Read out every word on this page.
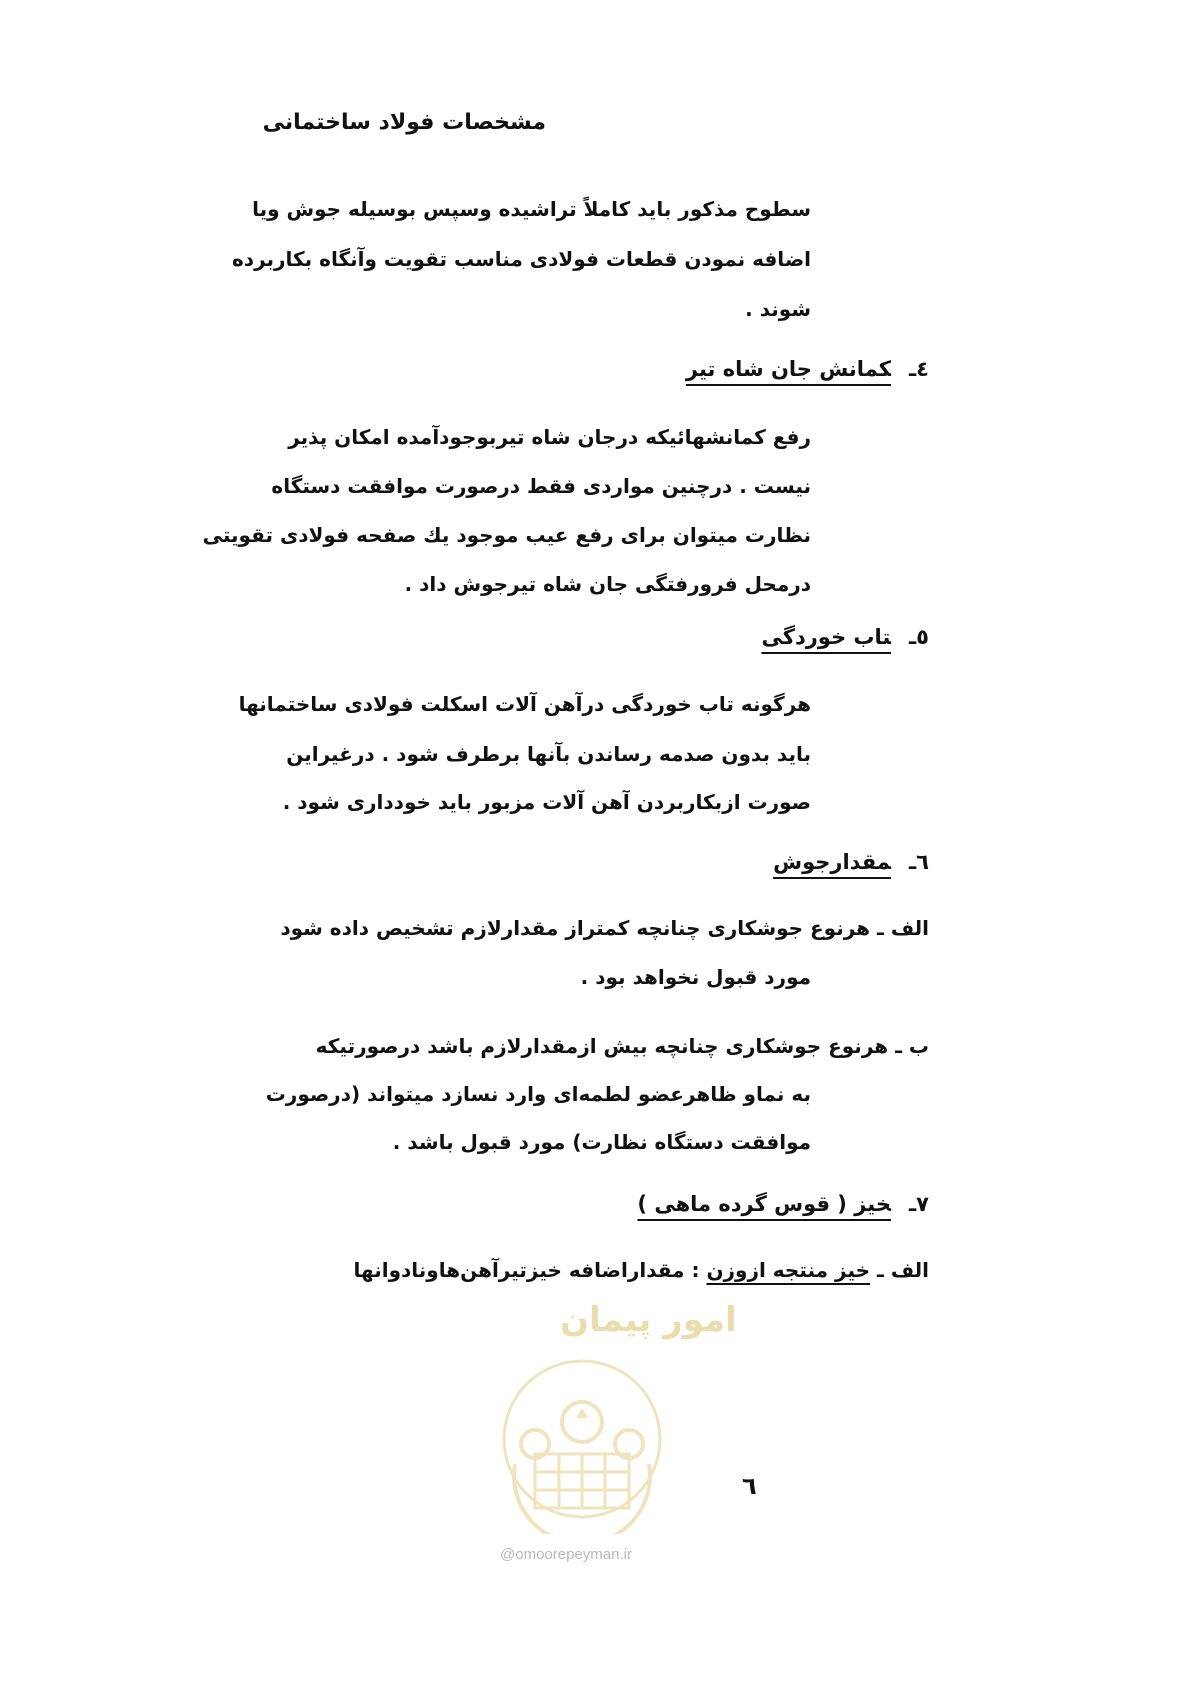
مشخصات فولاد ساختمانی
سطوح مذکور باید کاملاً تراشیده وسپس بوسیله جوش ویا
اضافه نمودن قطعات فولادی مناسب تقویت وآنگاه بکاربرده
شوند .
٤ـکمانش جان شاه تیر
رفع کمانشهائیکه درجان شاه تیربوجودآمده امکان پذیر
نیست . درچنین مواردی فقط درصورت موافقت دستگاه
نظارت میتوان برای رفع عیب موجود یك صفحه فولادی تقویتی
درمحل فرورفتگی جان شاه تیرجوش داد .
٥ـتاب خوردگی
هرگونه تاب خوردگی درآهن آلات اسکلت فولادی ساختمانها
باید بدون صدمه رساندن بآنها برطرف شود . درغیراین
صورت ازبکاربردن آهن آلات مزبور باید خودداری شود .
٦ـمقدارجوش
الف ـ هرنوع جوشکاری چنانچه کمتراز مقدارلازم تشخیص داده شود
مورد قبول نخواهد بود .
ب ـ هرنوع جوشکاری چنانچه بیش ازمقدارلازم باشد درصورتیکه
به نماو ظاهرعضو لطمه‌ای وارد نسازد میتواند (درصورت
موافقت دستگاه نظارت) مورد قبول باشد .
٧ـخیز ( قوس گرده ماهی )
الف ـ خیز منتجه ازوزن : مقداراضافه خیزتیرآهن‌هاونادوانها
امور پیمان
٦
@omoorepeyman.ir
